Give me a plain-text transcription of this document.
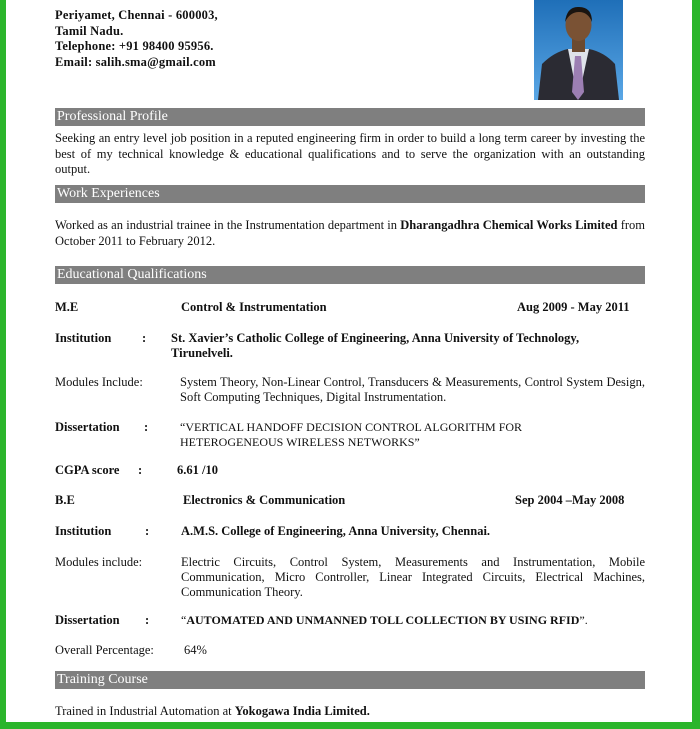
Periyamet, Chennai - 600003,
Tamil Nadu.
Telephone: +91 98400 95956.
Email: salih.sma@gmail.com
Professional Profile
Seeking an entry level job position in a reputed engineering firm in order to build a long term career by investing the best of my technical knowledge & educational qualifications and to serve the organization with an outstanding output.
Work Experiences
Worked as an industrial trainee in the Instrumentation department in Dharangadhra Chemical Works Limited from October 2011 to February 2012.
Educational Qualifications
M.E	Control & Instrumentation	Aug 2009 - May 2011
Institution : St. Xavier’s Catholic College of Engineering, Anna University of Technology, Tirunelveli.
Modules Include:	System Theory, Non-Linear Control, Transducers & Measurements, Control System Design, Soft Computing Techniques, Digital Instrumentation.
Dissertation :	“VERTICAL HANDOFF DECISION CONTROL ALGORITHM FOR HETEROGENEOUS WIRELESS NETWORKS”
CGPA score :	6.61 /10
B.E	Electronics & Communication	Sep 2004 –May 2008
Institution	:	A.M.S. College of Engineering, Anna University, Chennai.
Modules include:	Electric Circuits, Control System, Measurements and Instrumentation, Mobile Communication, Micro Controller, Linear Integrated Circuits, Electrical Machines, Communication Theory.
Dissertation :	“AUTOMATED AND UNMANNED TOLL COLLECTION BY USING RFID”.
Overall Percentage: 64%
Training Course
Trained in Industrial Automation at Yokogawa India Limited.
